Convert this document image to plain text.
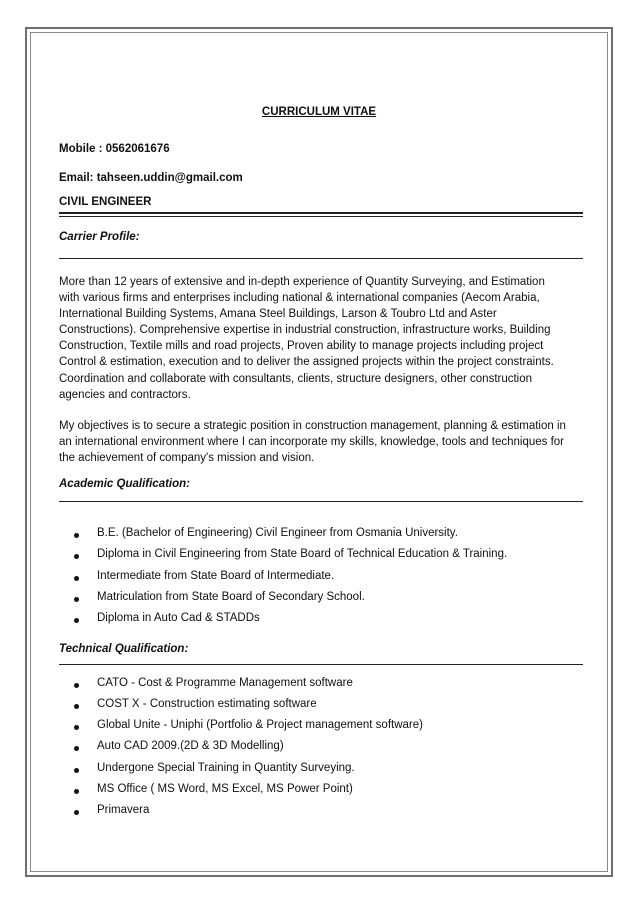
CURRICULUM VITAE
Mobile : 0562061676
Email: tahseen.uddin@gmail.com
CIVIL ENGINEER
Carrier Profile:
More than 12 years of extensive and in-depth experience of Quantity Surveying, and Estimation
with various firms and enterprises including national & international companies (Aecom Arabia,
International Building Systems, Amana Steel Buildings, Larson & Toubro Ltd and Aster
Constructions). Comprehensive expertise in industrial construction, infrastructure works, Building
Construction, Textile mills and road projects, Proven ability to manage projects including project
Control & estimation, execution and to deliver the assigned projects within the project constraints.
Coordination and collaborate with consultants, clients, structure designers, other construction
agencies and contractors.
My objectives is to secure a strategic position in construction management, planning & estimation in
an international environment where I can incorporate my skills, knowledge, tools and techniques for
the achievement of company's mission and vision.
Academic Qualification:
B.E. (Bachelor of Engineering) Civil Engineer from Osmania University.
Diploma in Civil Engineering from State Board of Technical Education & Training.
Intermediate from State Board of Intermediate.
Matriculation from State Board of Secondary School.
Diploma in Auto Cad & STADDs
Technical Qualification:
CATO - Cost & Programme Management software
COST X - Construction estimating software
Global Unite - Uniphi (Portfolio & Project management software)
Auto CAD 2009.(2D & 3D Modelling)
Undergone Special Training in Quantity Surveying.
MS Office ( MS Word, MS Excel, MS Power Point)
Primavera
